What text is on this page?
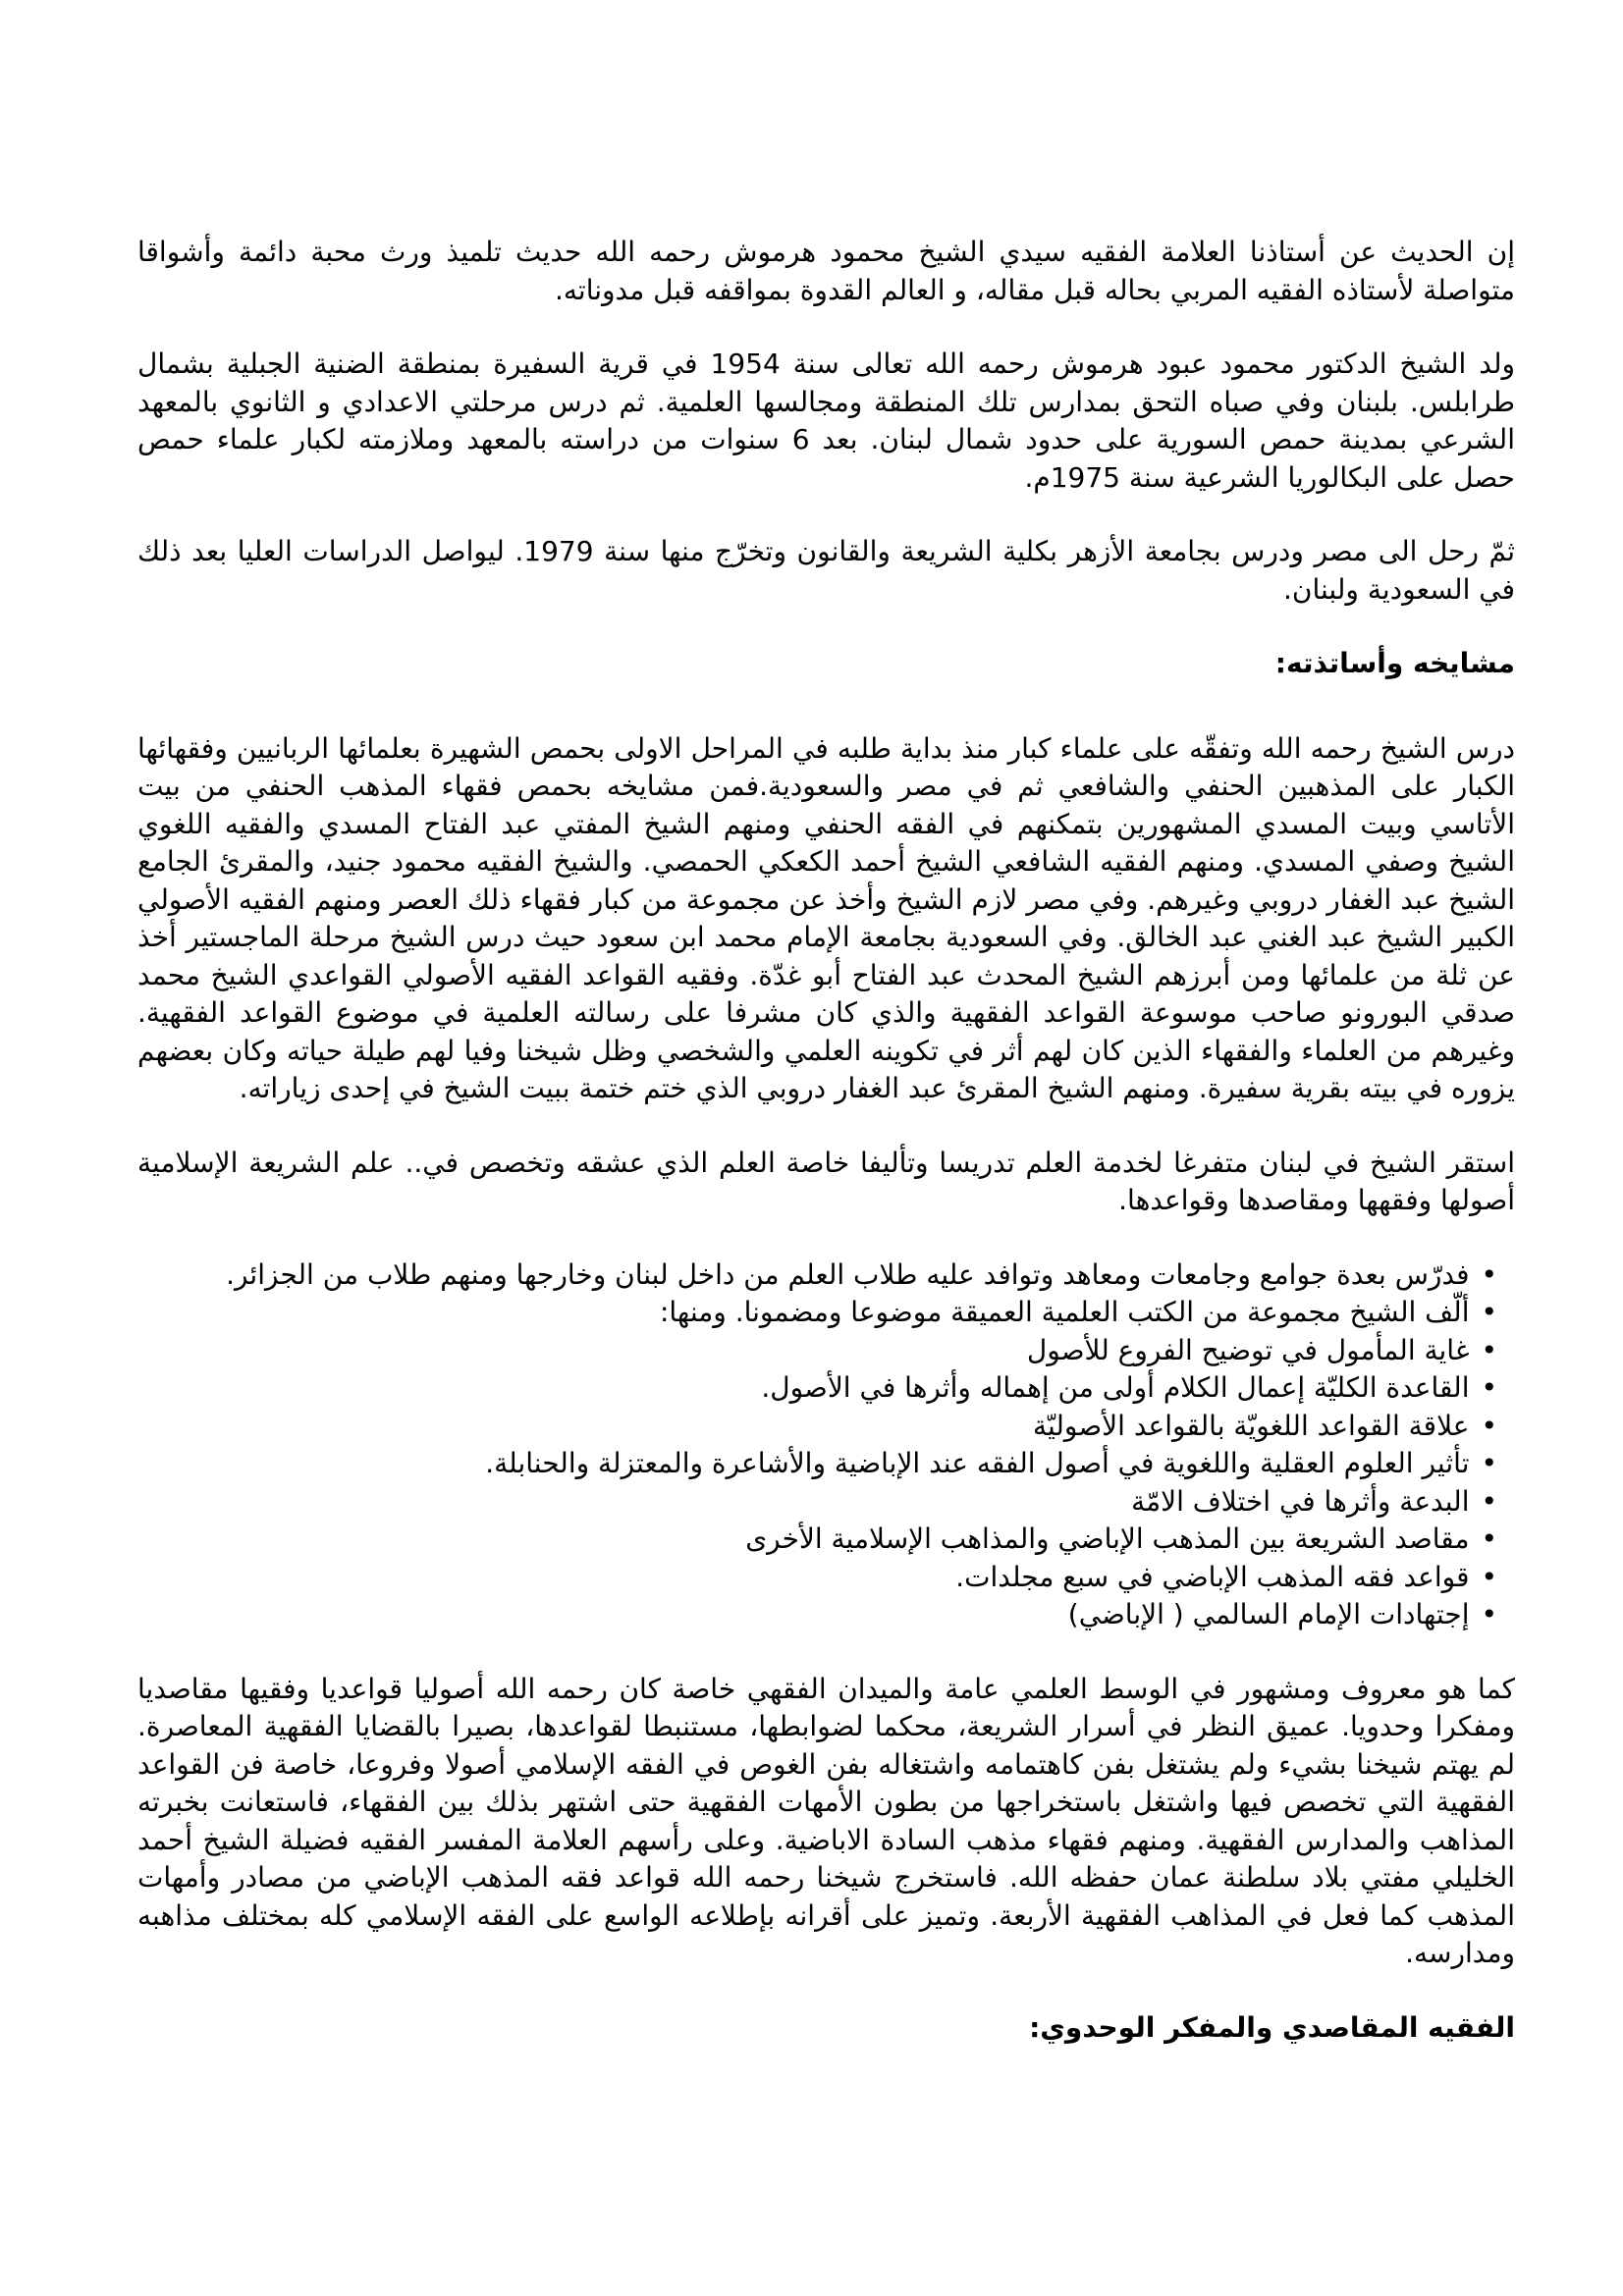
إن الحديث عن أستاذنا العلامة الفقيه سيدي الشيخ محمود هرموش رحمه الله حديث تلميذ ورث محبة دائمة وأشواقا متواصلة لأستاذه الفقيه المربي بحاله قبل مقاله، و العالم القدوة بمواقفه قبل مدوناته.

ولد الشيخ الدكتور محمود عبود هرموش رحمه الله تعالى سنة 1954 في قرية السفيرة بمنطقة الضنية الجبلية بشمال طرابلس. بلبنان وفي صباه التحق بمدارس تلك المنطقة ومجالسها العلمية. ثم درس مرحلتي الاعدادي و الثانوي بالمعهد الشرعي بمدينة حمص السورية على حدود شمال لبنان. بعد 6 سنوات من دراسته بالمعهد وملازمته لكبار علماء حمص حصل على البكالوريا الشرعية سنة 1975م.

ثمّ رحل الى مصر ودرس بجامعة الأزهر بكلية الشريعة والقانون وتخرّج منها سنة 1979. ليواصل الدراسات العليا بعد ذلك في السعودية ولبنان.

مشايخه وأساتذته:

درس الشيخ رحمه الله وتفقّه على علماء كبار منذ بداية طلبه في المراحل الاولى بحمص الشهيرة بعلمائها الربانيين وفقهائها الكبار على المذهبين الحنفي والشافعي ثم في مصر والسعودية.فمن مشايخه بحمص فقهاء المذهب الحنفي من بيت الأتاسي وبيت المسدي المشهورين بتمكنهم في الفقه الحنفي ومنهم الشيخ المفتي عبد الفتاح المسدي والفقيه اللغوي الشيخ وصفي المسدي. ومنهم الفقيه الشافعي الشيخ أحمد الكعكي الحمصي. والشيخ الفقيه محمود جنيد، والمقرئ الجامع الشيخ عبد الغفار دروبي وغيرهم. وفي مصر لازم الشيخ وأخذ عن مجموعة من كبار فقهاء ذلك العصر ومنهم الفقيه الأصولي الكبير الشيخ عبد الغني عبد الخالق. وفي السعودية بجامعة الإمام محمد ابن سعود حيث درس الشيخ مرحلة الماجستير أخذ عن ثلة من علمائها ومن أبرزهم الشيخ المحدث عبد الفتاح أبو غدّة. وفقيه القواعد الفقيه الأصولي القواعدي الشيخ محمد صدقي البورونو صاحب موسوعة القواعد الفقهية والذي كان مشرفا على رسالته العلمية في موضوع القواعد الفقهية. وغيرهم من العلماء والفقهاء الذين كان لهم أثر في تكوينه العلمي والشخصي وظل شيخنا وفيا لهم طيلة حياته وكان بعضهم يزوره في بيته بقرية سفيرة. ومنهم الشيخ المقرئ عبد الغفار دروبي الذي ختم ختمة ببيت الشيخ في إحدى زياراته.

استقر الشيخ في لبنان متفرغا لخدمة العلم تدريسا وتأليفا خاصة العلم الذي عشقه وتخصص في.. علم الشريعة الإسلامية أصولها وفقهها ومقاصدها وقواعدها.

• فدرّس بعدة جوامع وجامعات ومعاهد وتوافد عليه طلاب العلم من داخل لبنان وخارجها ومنهم طلاب من الجزائر.
• ألّف الشيخ مجموعة من الكتب العلمية العميقة موضوعا ومضمونا. ومنها:
• غاية المأمول في توضيح الفروع للأصول
• القاعدة الكليّة إعمال الكلام أولى من إهماله وأثرها في الأصول.
• علاقة القواعد اللغويّة بالقواعد الأصوليّة
• تأثير العلوم العقلية واللغوية في أصول الفقه عند الإباضية والأشاعرة والمعتزلة والحنابلة.
• البدعة وأثرها في اختلاف الامّة
• مقاصد الشريعة بين المذهب الإباضي والمذاهب الإسلامية الأخرى
• قواعد فقه المذهب الإباضي في سبع مجلدات.
• إجتهادات الإمام السالمي ( الإباضي)

كما هو معروف ومشهور في الوسط العلمي عامة والميدان الفقهي خاصة كان رحمه الله أصوليا قواعديا وفقيها مقاصديا ومفكرا وحدويا. عميق النظر في أسرار الشريعة، محكما لضوابطها، مستنبطا لقواعدها، بصيرا بالقضايا الفقهية المعاصرة. لم يهتم شيخنا بشيء ولم يشتغل بفن كاهتمامه واشتغاله بفن الغوص في الفقه الإسلامي أصولا وفروعا، خاصة فن القواعد الفقهية التي تخصص فيها واشتغل باستخراجها من بطون الأمهات الفقهية حتى اشتهر بذلك بين الفقهاء، فاستعانت بخبرته المذاهب والمدارس الفقهية. ومنهم فقهاء مذهب السادة الاباضية. وعلى رأسهم العلامة المفسر الفقيه فضيلة الشيخ أحمد الخليلي مفتي بلاد سلطنة عمان حفظه الله. فاستخرج شيخنا رحمه الله قواعد فقه المذهب الإباضي من مصادر وأمهات المذهب كما فعل في المذاهب الفقهية الأربعة. وتميز على أقرانه بإطلاعه الواسع على الفقه الإسلامي كله بمختلف مذاهبه ومدارسه.

الفقيه المقاصدي والمفكر الوحدوي:
